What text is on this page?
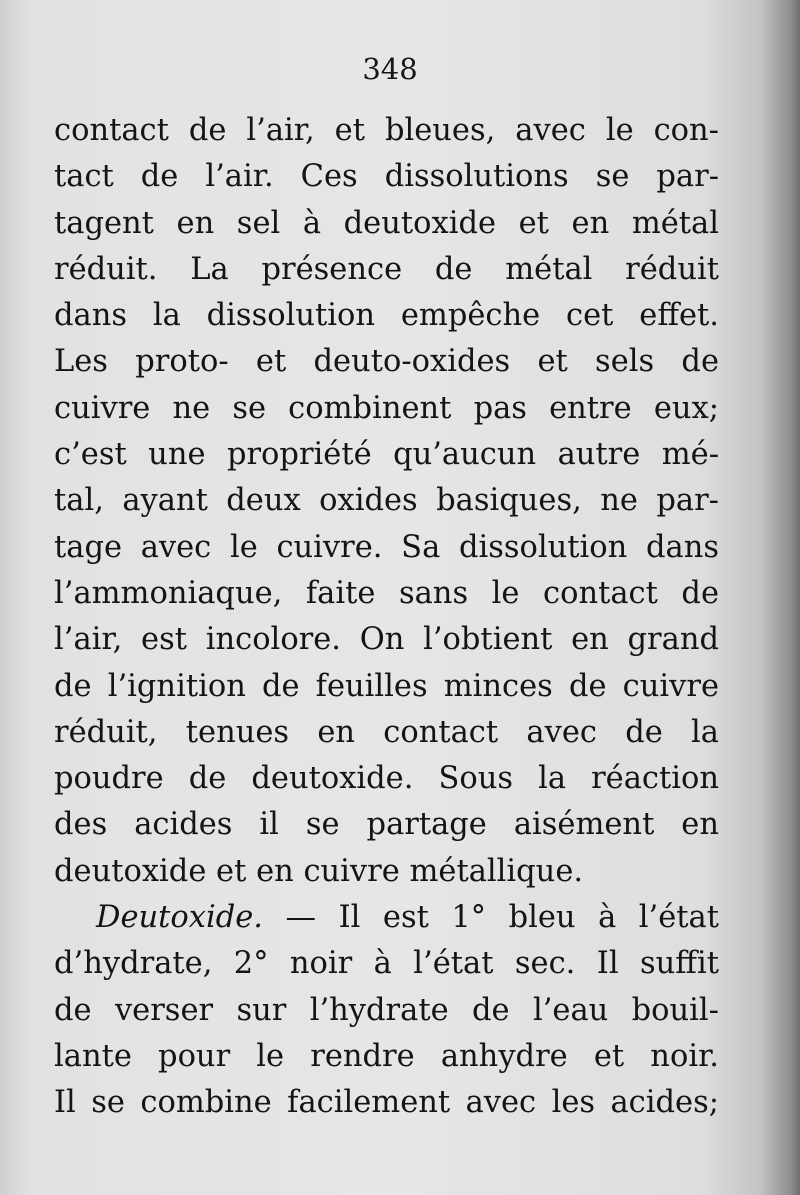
348
contact de l’air, et bleues, avec le con-
tact de l’air. Ces dissolutions se par-
tagent en sel à deutoxide et en métal
réduit. La présence de métal réduit
dans la dissolution empêche cet effet.
Les proto- et deuto-oxides et sels de
cuivre ne se combinent pas entre eux;
c’est une propriété qu’aucun autre mé-
tal, ayant deux oxides basiques, ne par-
tage avec le cuivre. Sa dissolution dans
l’ammoniaque, faite sans le contact de
l’air, est incolore. On l’obtient en grand
de l’ignition de feuilles minces de cuivre
réduit, tenues en contact avec de la
poudre de deutoxide. Sous la réaction
des acides il se partage aisément en
deutoxide et en cuivre métallique.
Deutoxide. — Il est 1° bleu à l’état
d’hydrate, 2° noir à l’état sec. Il suffit
de verser sur l’hydrate de l’eau bouil-
lante pour le rendre anhydre et noir.
Il se combine facilement avec les acides;
